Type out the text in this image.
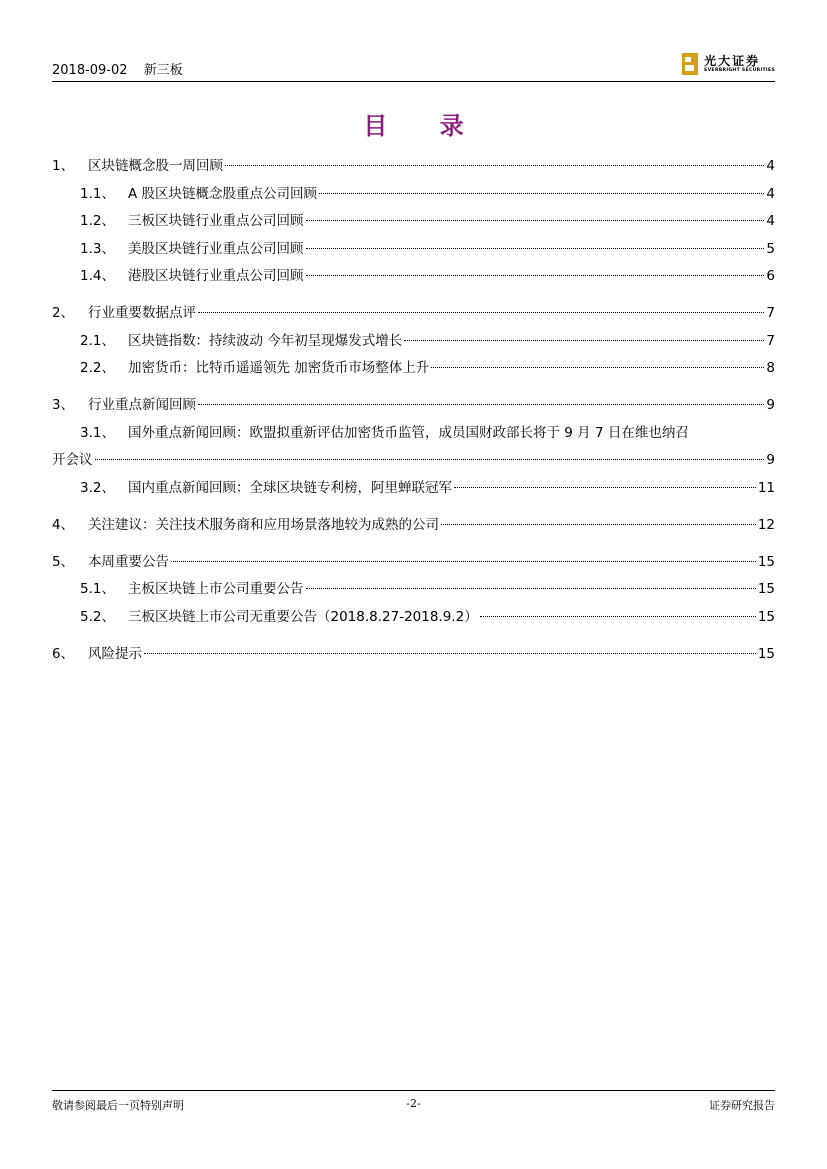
2018-09-02 新三板
光大证券
EVERBRIGHT SECURITIES
目 录
1、	区块链概念股一周回顾	4
1.1、 A 股区块链概念股重点公司回顾	4
1.2、 三板区块链行业重点公司回顾	4
1.3、 美股区块链行业重点公司回顾	5
1.4、 港股区块链行业重点公司回顾	6
2、	行业重要数据点评	7
2.1、 区块链指数：持续波动 今年初呈现爆发式增长	7
2.2、 加密货币：比特币遥遥领先 加密货币市场整体上升	8
3、	行业重点新闻回顾	9
3.1、 国外重点新闻回顾：欧盟拟重新评估加密货币监管，成员国财政部长将于 9 月 7 日在维也纳召
开会议	9
3.2、 国内重点新闻回顾：全球区块链专利榜，阿里蝉联冠军	11
4、	关注建议：关注技术服务商和应用场景落地较为成熟的公司	12
5、	本周重要公告	15
5.1、 主板区块链上市公司重要公告	15
5.2、 三板区块链上市公司无重要公告（2018.8.27-2018.9.2）	15
6、	风险提示	15
敬请参阅最后一页特别声明	-2-	证券研究报告
